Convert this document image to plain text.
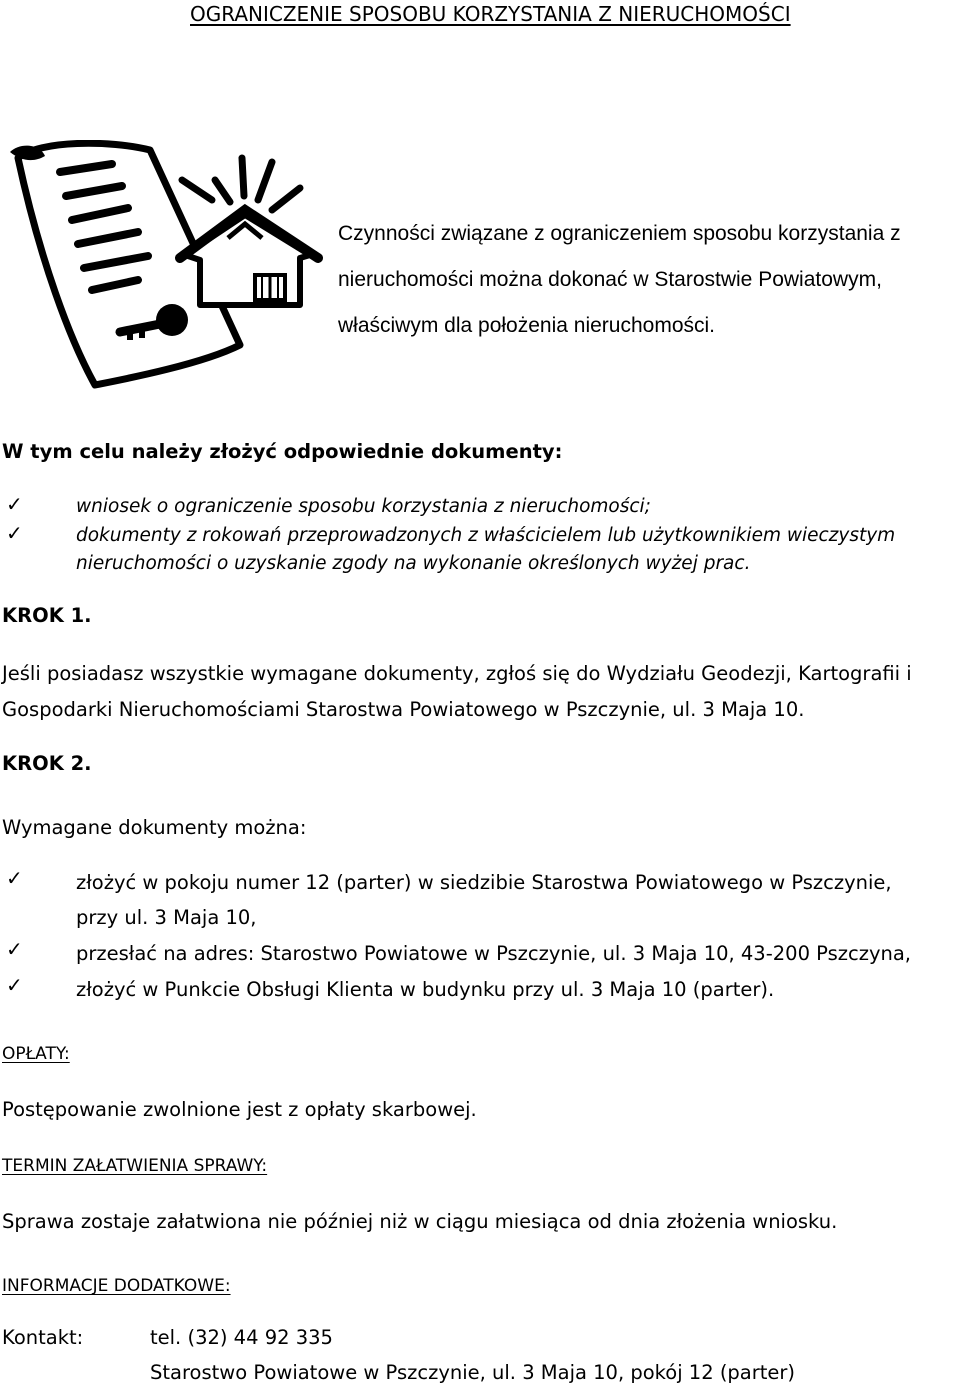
OGRANICZENIE SPOSOBU KORZYSTANIA Z NIERUCHOMOŚCI
Czynności związane z ograniczeniem sposobu korzystania z
nieruchomości można dokonać w Starostwie Powiatowym,
właściwym dla położenia nieruchomości.
W tym celu należy złożyć odpowiednie dokumenty:
✓	wniosek o ograniczenie sposobu korzystania z nieruchomości;
✓	dokumenty z rokowań przeprowadzonych z właścicielem lub użytkownikiem wieczystym
nieruchomości o uzyskanie zgody na wykonanie określonych wyżej prac.
KROK 1.
Jeśli posiadasz wszystkie wymagane dokumenty, zgłoś się do Wydziału Geodezji, Kartografii i
Gospodarki Nieruchomościami Starostwa Powiatowego w Pszczynie, ul. 3 Maja 10.
KROK 2.
Wymagane dokumenty można:
✓	złożyć w pokoju numer 12 (parter) w siedzibie Starostwa Powiatowego w Pszczynie,
przy ul. 3 Maja 10,
✓	przesłać na adres: Starostwo Powiatowe w Pszczynie, ul. 3 Maja 10, 43-200 Pszczyna,
✓	złożyć w Punkcie Obsługi Klienta w budynku przy ul. 3 Maja 10 (parter).
OPŁATY:
Postępowanie zwolnione jest z opłaty skarbowej.
TERMIN ZAŁATWIENIA SPRAWY:
Sprawa zostaje załatwiona nie później niż w ciągu miesiąca od dnia złożenia wniosku.
INFORMACJE DODATKOWE:
Kontakt:	tel. (32) 44 92 335
Starostwo Powiatowe w Pszczynie, ul. 3 Maja 10, pokój 12 (parter)
